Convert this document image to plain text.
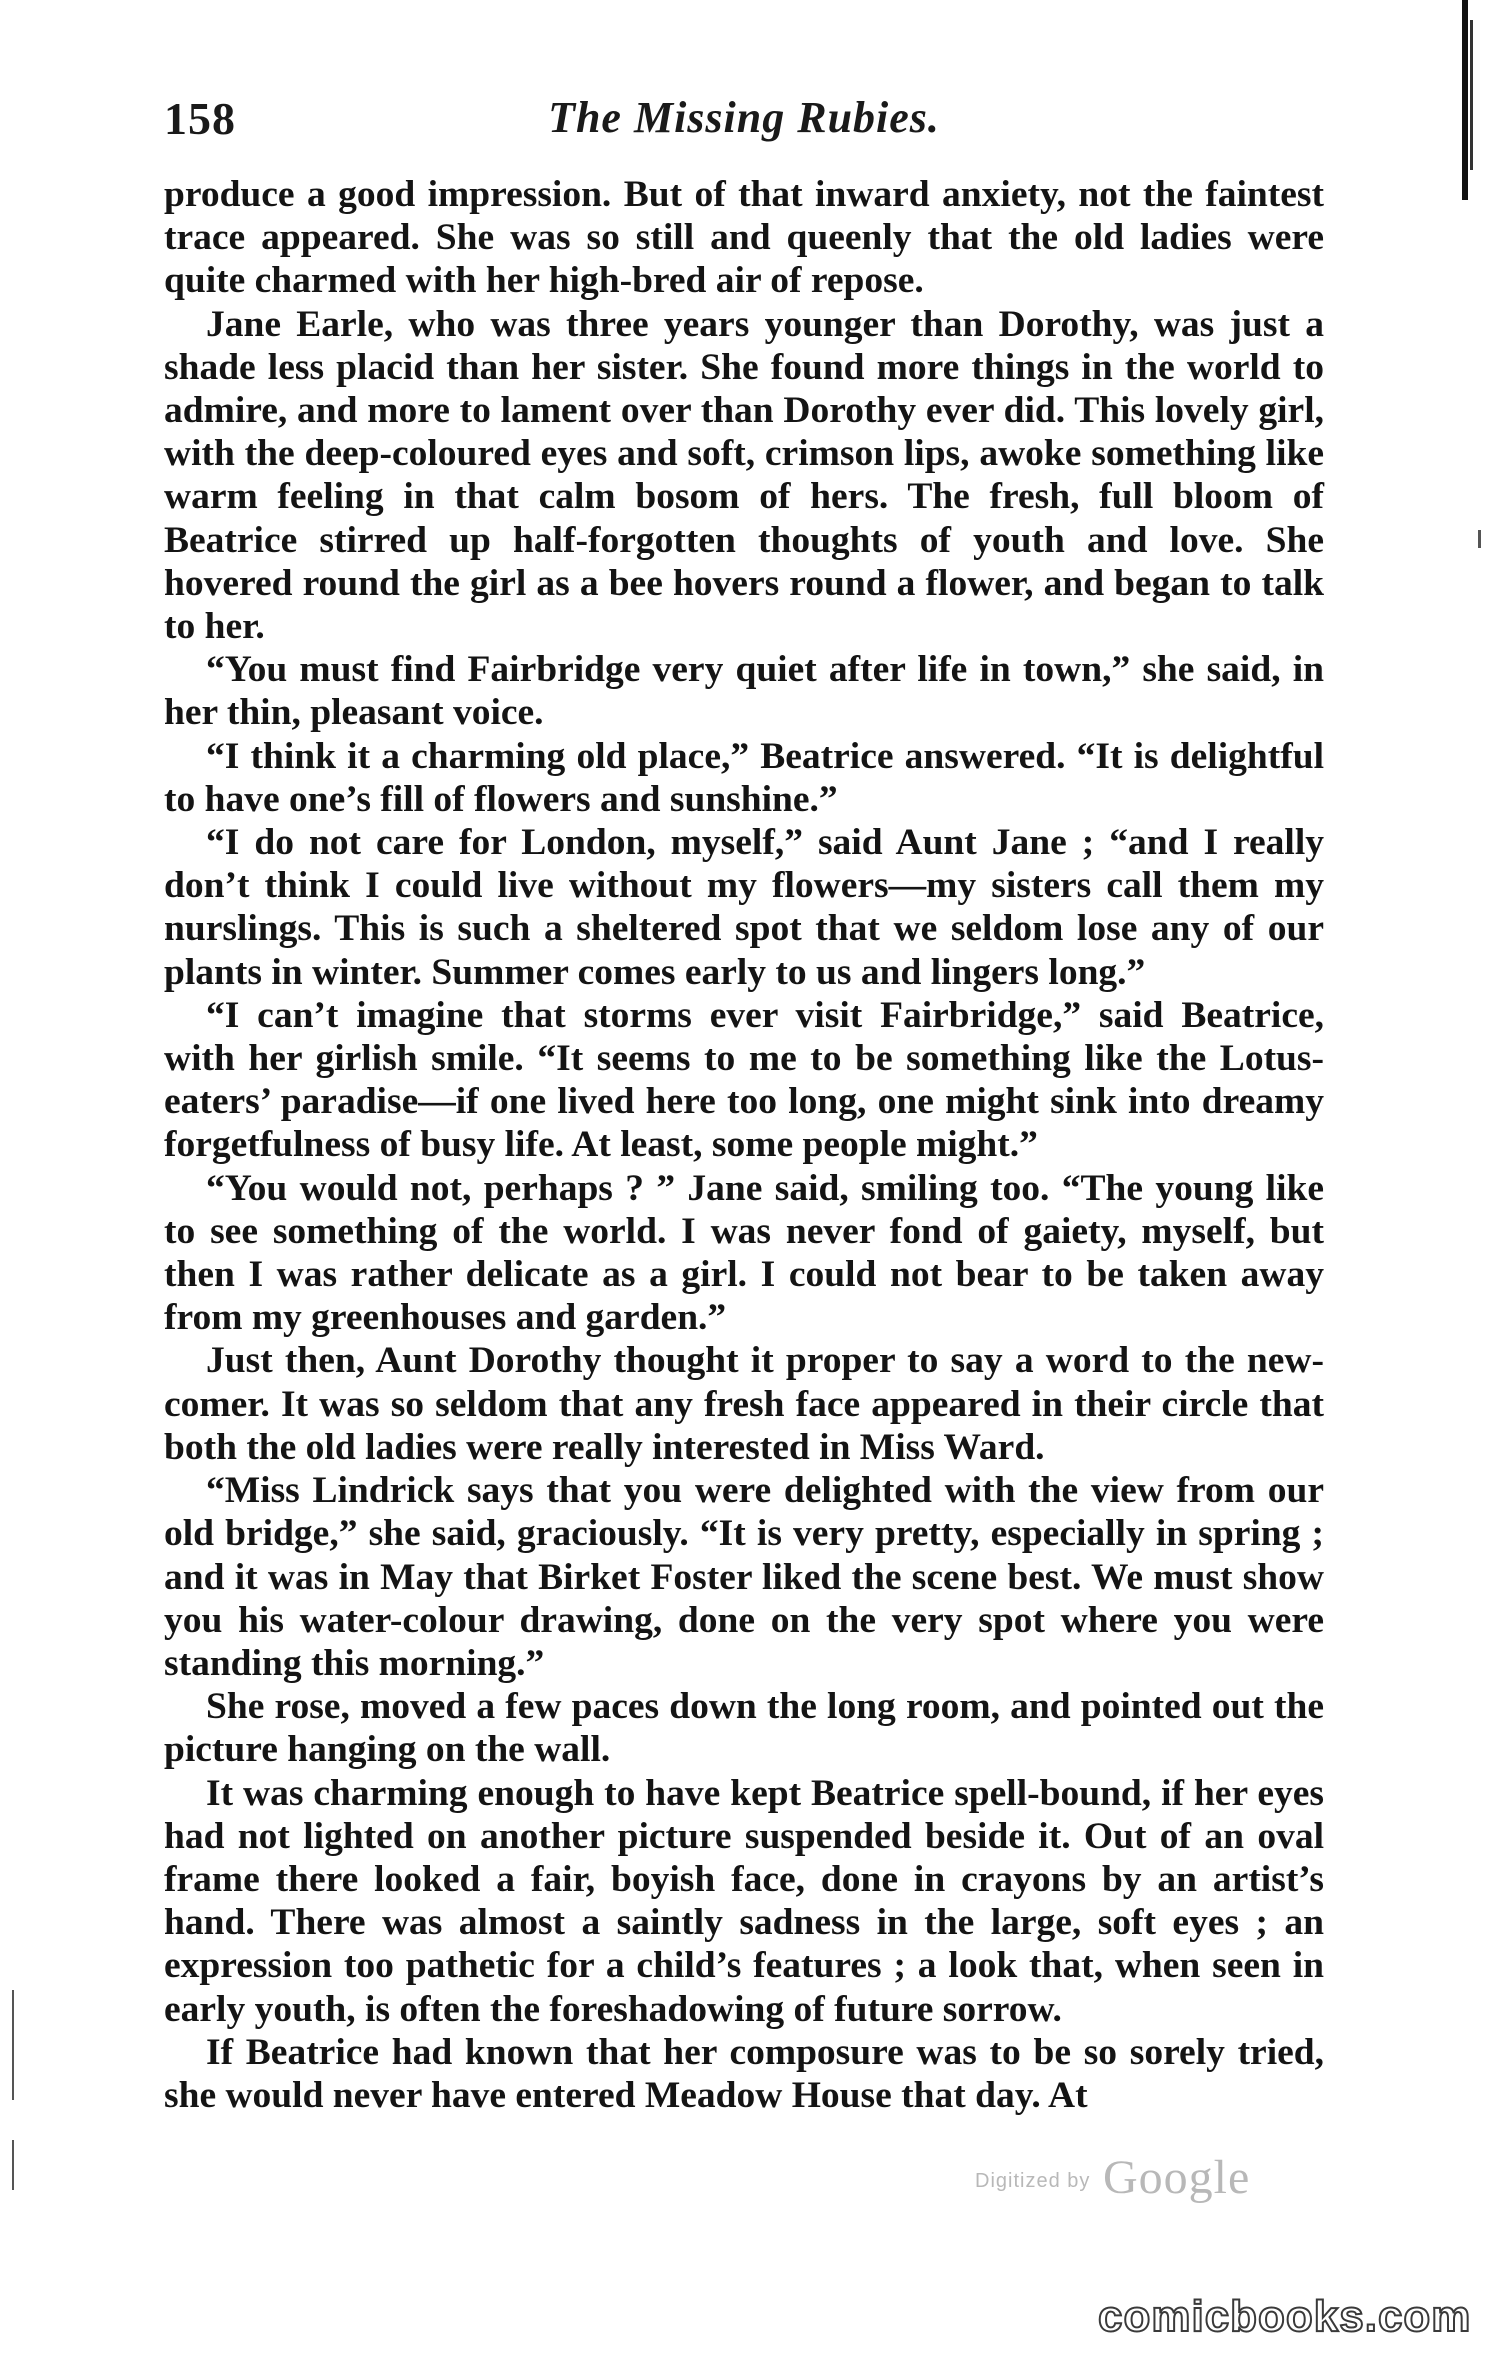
158	The Missing Rubies.

produce a good impression. But of that inward anxiety, not the faintest trace appeared. She was so still and queenly that the old ladies were quite charmed with her high-bred air of repose.

Jane Earle, who was three years younger than Dorothy, was just a shade less placid than her sister. She found more things in the world to admire, and more to lament over than Dorothy ever did. This lovely girl, with the deep-coloured eyes and soft, crimson lips, awoke something like warm feeling in that calm bosom of hers. The fresh, full bloom of Beatrice stirred up half-forgotten thoughts of youth and love. She hovered round the girl as a bee hovers round a flower, and began to talk to her.

“You must find Fairbridge very quiet after life in town,” she said, in her thin, pleasant voice.

“I think it a charming old place,” Beatrice answered. “It is delightful to have one’s fill of flowers and sunshine.”

“I do not care for London, myself,” said Aunt Jane ; “and I really don’t think I could live without my flowers—my sisters call them my nurslings. This is such a sheltered spot that we seldom lose any of our plants in winter. Summer comes early to us and lingers long.”

“I can’t imagine that storms ever visit Fairbridge,” said Beatrice, with her girlish smile. “It seems to me to be something like the Lotus-eaters’ paradise—if one lived here too long, one might sink into dreamy forgetfulness of busy life. At least, some people might.”

“You would not, perhaps ? ” Jane said, smiling too. “The young like to see something of the world. I was never fond of gaiety, myself, but then I was rather delicate as a girl. I could not bear to be taken away from my greenhouses and garden.”

Just then, Aunt Dorothy thought it proper to say a word to the new-comer. It was so seldom that any fresh face appeared in their circle that both the old ladies were really interested in Miss Ward.

“Miss Lindrick says that you were delighted with the view from our old bridge,” she said, graciously. “It is very pretty, especially in spring ; and it was in May that Birket Foster liked the scene best. We must show you his water-colour drawing, done on the very spot where you were standing this morning.”

She rose, moved a few paces down the long room, and pointed out the picture hanging on the wall.

It was charming enough to have kept Beatrice spell-bound, if her eyes had not lighted on another picture suspended beside it. Out of an oval frame there looked a fair, boyish face, done in crayons by an artist’s hand. There was almost a saintly sadness in the large, soft eyes ; an expression too pathetic for a child’s features ; a look that, when seen in early youth, is often the foreshadowing of future sorrow.

If Beatrice had known that her composure was to be so sorely tried, she would never have entered Meadow House that day. At

Digitized by Google
comicbooks.com
